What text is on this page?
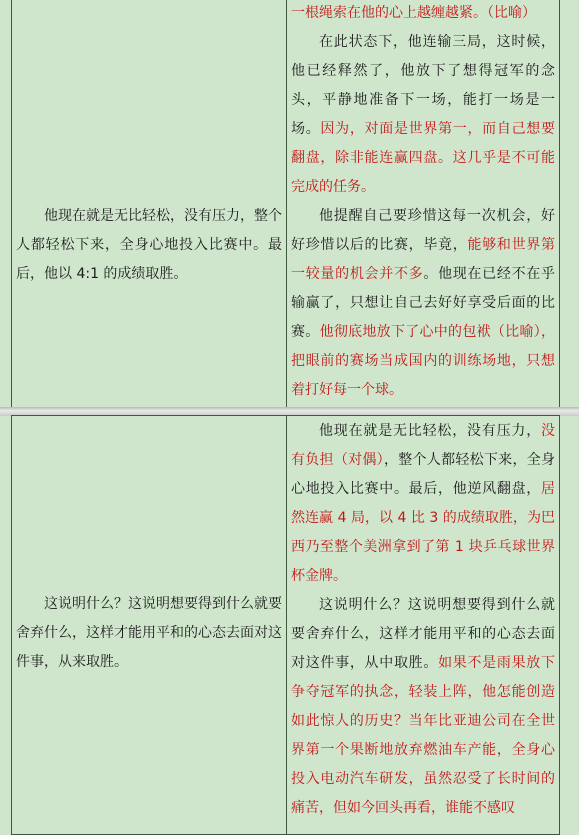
他现在就是无比轻松，没有压力，整个人都轻松下来，全身心地投入比赛中。最后，他以 4:1 的成绩取胜。

一根绳索在他的心上越缠越紧。（比喻）

在此状态下，他连输三局，这时候，他已经释然了，他放下了想得冠军的念头，平静地准备下一场，能打一场是一场。因为，对面是世界第一，而自己想要翻盘，除非能连赢四盘。这几乎是不可能完成的任务。

他提醒自己要珍惜这每一次机会，好好珍惜以后的比赛，毕竟，能够和世界第一较量的机会并不多。他现在已经不在乎输赢了，只想让自己去好好享受后面的比赛。他彻底地放下了心中的包袱（比喻），把眼前的赛场当成国内的训练场地，只想着打好每一个球。

这说明什么？这说明想要得到什么就要舍弃什么，这样才能用平和的心态去面对这件事，从来取胜。

他现在就是无比轻松，没有压力，没有负担（对偶），整个人都轻松下来，全身心地投入比赛中。最后，他逆风翻盘，居然连赢 4 局，以 4 比 3 的成绩取胜，为巴西乃至整个美洲拿到了第 1 块乒乓球世界杯金牌。

这说明什么？这说明想要得到什么就要舍弃什么，这样才能用平和的心态去面对这件事，从中取胜。如果不是雨果放下争夺冠军的执念，轻装上阵，他怎能创造如此惊人的历史？当年比亚迪公司在全世界第一个果断地放弃燃油车产能，全身心投入电动汽车研发，虽然忍受了长时间的痛苦，但如今回头再看，谁能不感叹
